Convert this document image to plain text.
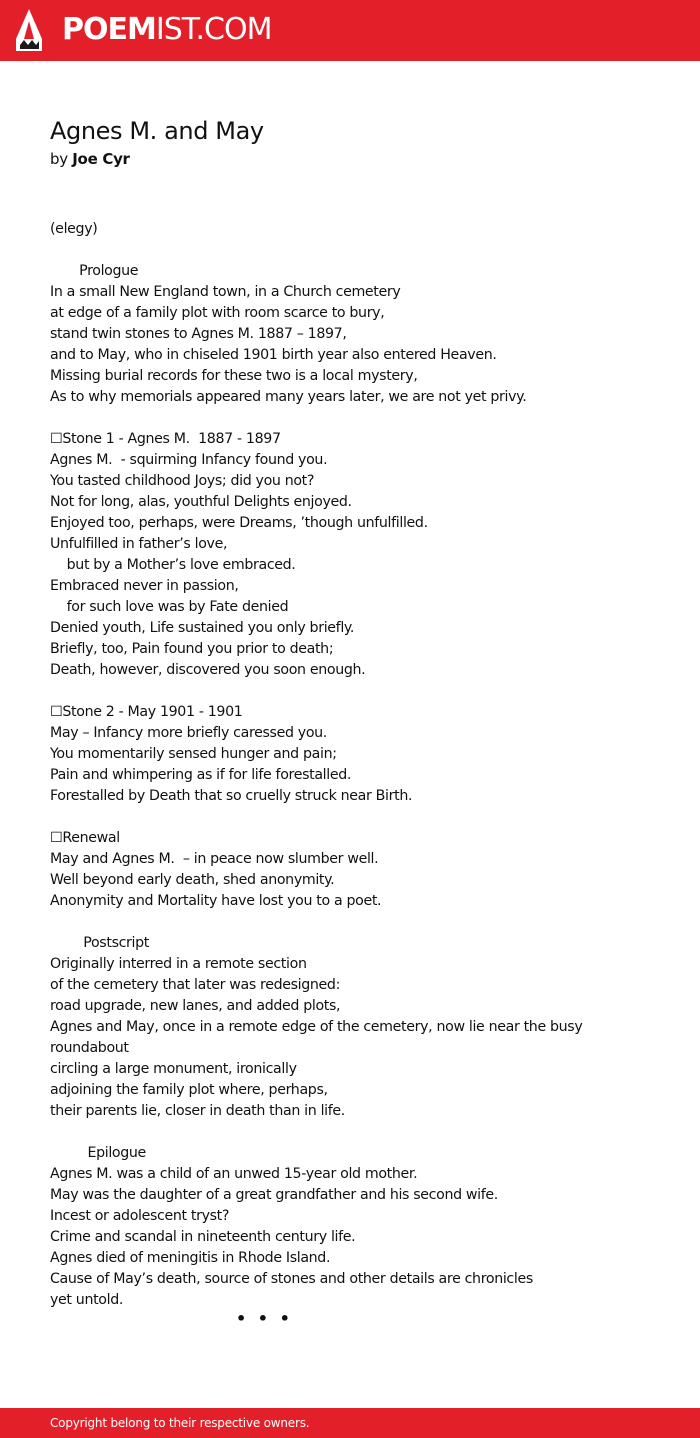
POEMIST.COM
Agnes M. and May
by Joe Cyr
(elegy)

Prologue
In a small New England town, in a Church cemetery
at edge of a family plot with room scarce to bury,
stand twin stones to Agnes M. 1887 – 1897,
and to May, who in chiseled 1901 birth year also entered Heaven.
Missing burial records for these two is a local mystery,
As to why memorials appeared many years later, we are not yet privy.

☐Stone 1 - Agnes M.  1887 - 1897
Agnes M.  - squirming Infancy found you.
You tasted childhood Joys; did you not?
Not for long, alas, youthful Delights enjoyed.
Enjoyed too, perhaps, were Dreams, ’though unfulfilled.
Unfulfilled in father’s love,
but by a Mother’s love embraced.
Embraced never in passion,
for such love was by Fate denied
Denied youth, Life sustained you only briefly.
Briefly, too, Pain found you prior to death;
Death, however, discovered you soon enough.

☐Stone 2 - May 1901 - 1901
May – Infancy more briefly caressed you.
You momentarily sensed hunger and pain;
Pain and whimpering as if for life forestalled.
Forestalled by Death that so cruelly struck near Birth.

☐Renewal
May and Agnes M.  – in peace now slumber well.
Well beyond early death, shed anonymity.
Anonymity and Mortality have lost you to a poet.

Postscript
Originally interred in a remote section
of the cemetery that later was redesigned:
road upgrade, new lanes, and added plots,
Agnes and May, once in a remote edge of the cemetery, now lie near the busy
roundabout
circling a large monument, ironically
adjoining the family plot where, perhaps,
their parents lie, closer in death than in life.

Epilogue
Agnes M. was a child of an unwed 15-year old mother.
May was the daughter of a great grandfather and his second wife.
Incest or adolescent tryst?
Crime and scandal in nineteenth century life.
Agnes died of meningitis in Rhode Island.
Cause of May’s death, source of stones and other details are chronicles
yet untold.
• • •
Copyright belong to their respective owners.
